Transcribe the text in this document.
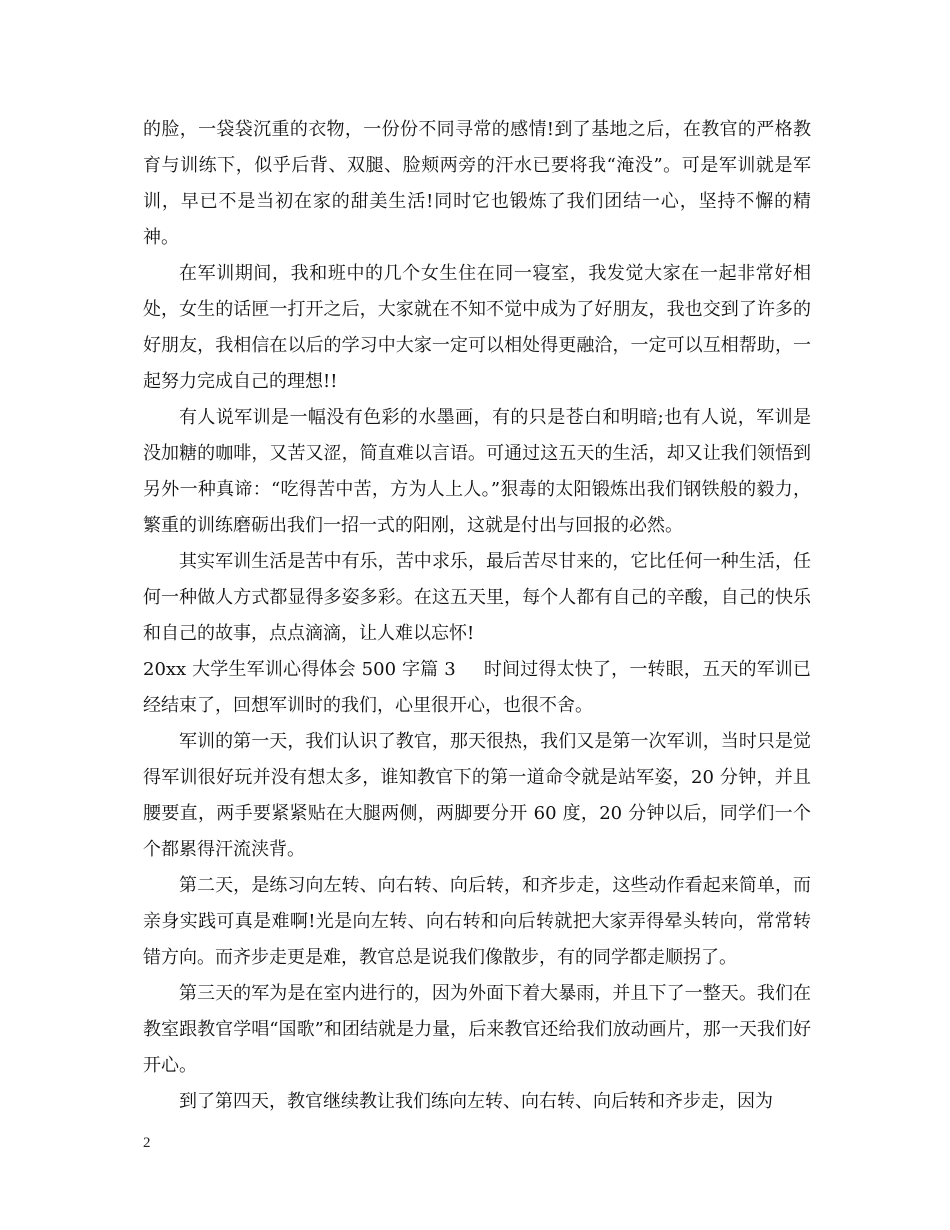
的脸，一袋袋沉重的衣物，一份份不同寻常的感情!到了基地之后，在教官的严格教育与训练下，似乎后背、双腿、脸颊两旁的汗水已要将我“淹没”。可是军训就是军训，早已不是当初在家的甜美生活!同时它也锻炼了我们团结一心，坚持不懈的精神。

在军训期间，我和班中的几个女生住在同一寝室，我发觉大家在一起非常好相处，女生的话匣一打开之后，大家就在不知不觉中成为了好朋友，我也交到了许多的好朋友，我相信在以后的学习中大家一定可以相处得更融洽，一定可以互相帮助，一起努力完成自己的理想!!

有人说军训是一幅没有色彩的水墨画，有的只是苍白和明暗;也有人说，军训是没加糖的咖啡，又苦又涩，简直难以言语。可通过这五天的生活，却又让我们领悟到另外一种真谛：“吃得苦中苦，方为人上人。”狠毒的太阳锻炼出我们钢铁般的毅力，繁重的训练磨砺出我们一招一式的阳刚，这就是付出与回报的必然。

其实军训生活是苦中有乐，苦中求乐，最后苦尽甘来的，它比任何一种生活，任何一种做人方式都显得多姿多彩。在这五天里，每个人都有自己的辛酸，自己的快乐和自己的故事，点点滴滴，让人难以忘怀!

20xx 大学生军训心得体会 500 字篇 3 时间过得太快了，一转眼，五天的军训已经结束了，回想军训时的我们，心里很开心，也很不舍。

军训的第一天，我们认识了教官，那天很热，我们又是第一次军训，当时只是觉得军训很好玩并没有想太多，谁知教官下的第一道命令就是站军姿，20 分钟，并且腰要直，两手要紧紧贴在大腿两侧，两脚要分开 60 度，20 分钟以后，同学们一个个都累得汗流浃背。

第二天，是练习向左转、向右转、向后转，和齐步走，这些动作看起来简单，而亲身实践可真是难啊!光是向左转、向右转和向后转就把大家弄得晕头转向，常常转错方向。而齐步走更是难，教官总是说我们像散步，有的同学都走顺拐了。

第三天的军为是在室内进行的，因为外面下着大暴雨，并且下了一整天。我们在教室跟教官学唱“国歌”和团结就是力量，后来教官还给我们放动画片，那一天我们好开心。

到了第四天，教官继续教让我们练向左转、向右转、向后转和齐步走，因为

2
